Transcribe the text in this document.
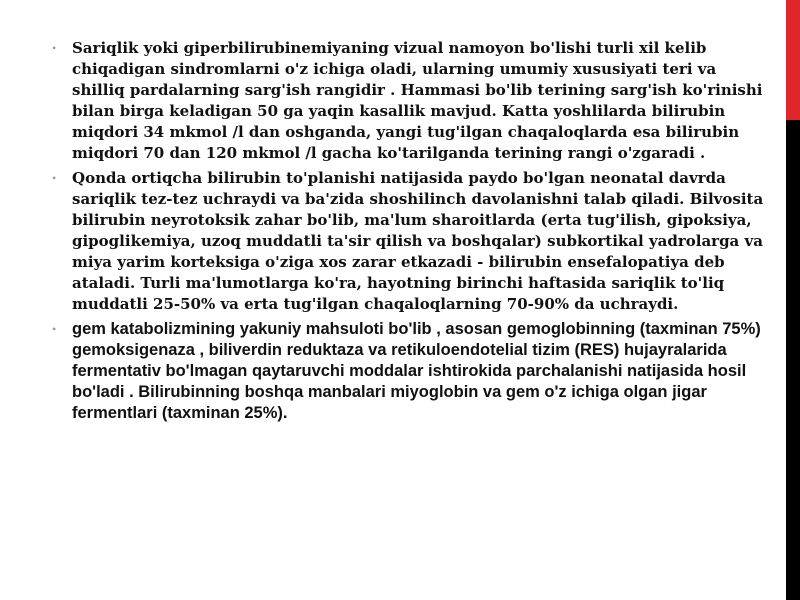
• Sariqlik yoki giperbilirubinemiyaning vizual namoyon bo'lishi turli xil kelib chiqadigan sindromlarni o'z ichiga oladi, ularning umumiy xususiyati teri va shilliq pardalarning sarg'ish rangidir . Hammasi bo'lib terining sarg'ish ko'rinishi bilan birga keladigan 50 ga yaqin kasallik mavjud. Katta yoshlilarda bilirubin miqdori 34 mkmol /l dan oshganda, yangi tug'ilgan chaqaloqlarda esa bilirubin miqdori 70 dan 120 mkmol /l gacha ko'tarilganda terining rangi o'zgaradi .
• Qonda ortiqcha bilirubin to'planishi natijasida paydo bo'lgan neonatal davrda sariqlik tez-tez uchraydi va ba'zida shoshilinch davolanishni talab qiladi. Bilvosita bilirubin neyrotoksik zahar bo'lib, ma'lum sharoitlarda (erta tug'ilish, gipoksiya, gipoglikemiya, uzoq muddatli ta'sir qilish va boshqalar) subkortikal yadrolarga va miya yarim korteksiga o'ziga xos zarar etkazadi - bilirubin ensefalopatiya deb ataladi. Turli ma'lumotlarga ko'ra, hayotning birinchi haftasida sariqlik to'liq muddatli 25-50% va erta tug'ilgan chaqaloqlarning 70-90% da uchraydi.
• gem katabolizmining yakuniy mahsuloti bo'lib , asosan gemoglobinning (taxminan 75%) gemoksigenaza , biliverdin reduktaza va retikuloendotelial tizim (RES) hujayralarida fermentativ bo'lmagan qaytaruvchi moddalar ishtirokida parchalanishi natijasida hosil bo'ladi . Bilirubinning boshqa manbalari miyoglobin va gem o'z ichiga olgan jigar fermentlari (taxminan 25%).
